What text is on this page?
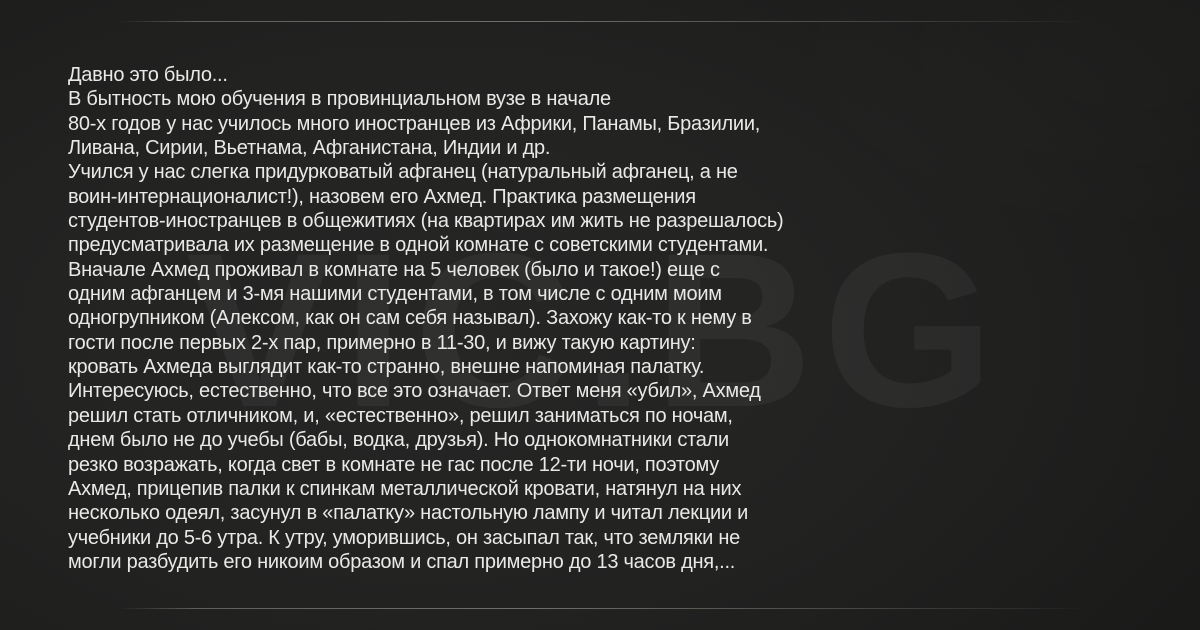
Давно это было...
В бытность мою обучения в провинциальном вузе в начале
80-х годов у нас училось много иностранцев из Африки, Панамы, Бразилии,
Ливана, Сирии, Вьетнама, Афганистана, Индии и др.
Учился у нас слегка придурковатый афганец (натуральный афганец, а не
воин-интернационалист!), назовем его Ахмед. Практика размещения
студентов-иностранцев в общежитиях (на квартирах им жить не разрешалось)
предусматривала их размещение в одной комнате с советскими студентами.
Вначале Ахмед проживал в комнате на 5 человек (было и такое!) еще с
одним афганцем и 3-мя нашими студентами, в том числе с одним моим
одногрупником (Алексом, как он сам себя называл). Захожу как-то к нему в
гости после первых 2-х пар, примерно в 11-30, и вижу такую картину:
кровать Ахмеда выглядит как-то странно, внешне напоминая палатку.
Интересуюсь, естественно, что все это означает. Ответ меня «убил», Ахмед
решил стать отличником, и, «естественно», решил заниматься по ночам,
днем было не до учебы (бабы, водка, друзья). Но однокомнатники стали
резко возражать, когда свет в комнате не гас после 12-ти ночи, поэтому
Ахмед, прицепив палки к спинкам металлической кровати, натянул на них
несколько одеял, засунул в «палатку» настольную лампу и читал лекции и
учебники до 5-6 утра. К утру, уморившись, он засыпал так, что земляки не
могли разбудить его никоим образом и спал примерно до 13 часов дня,...
